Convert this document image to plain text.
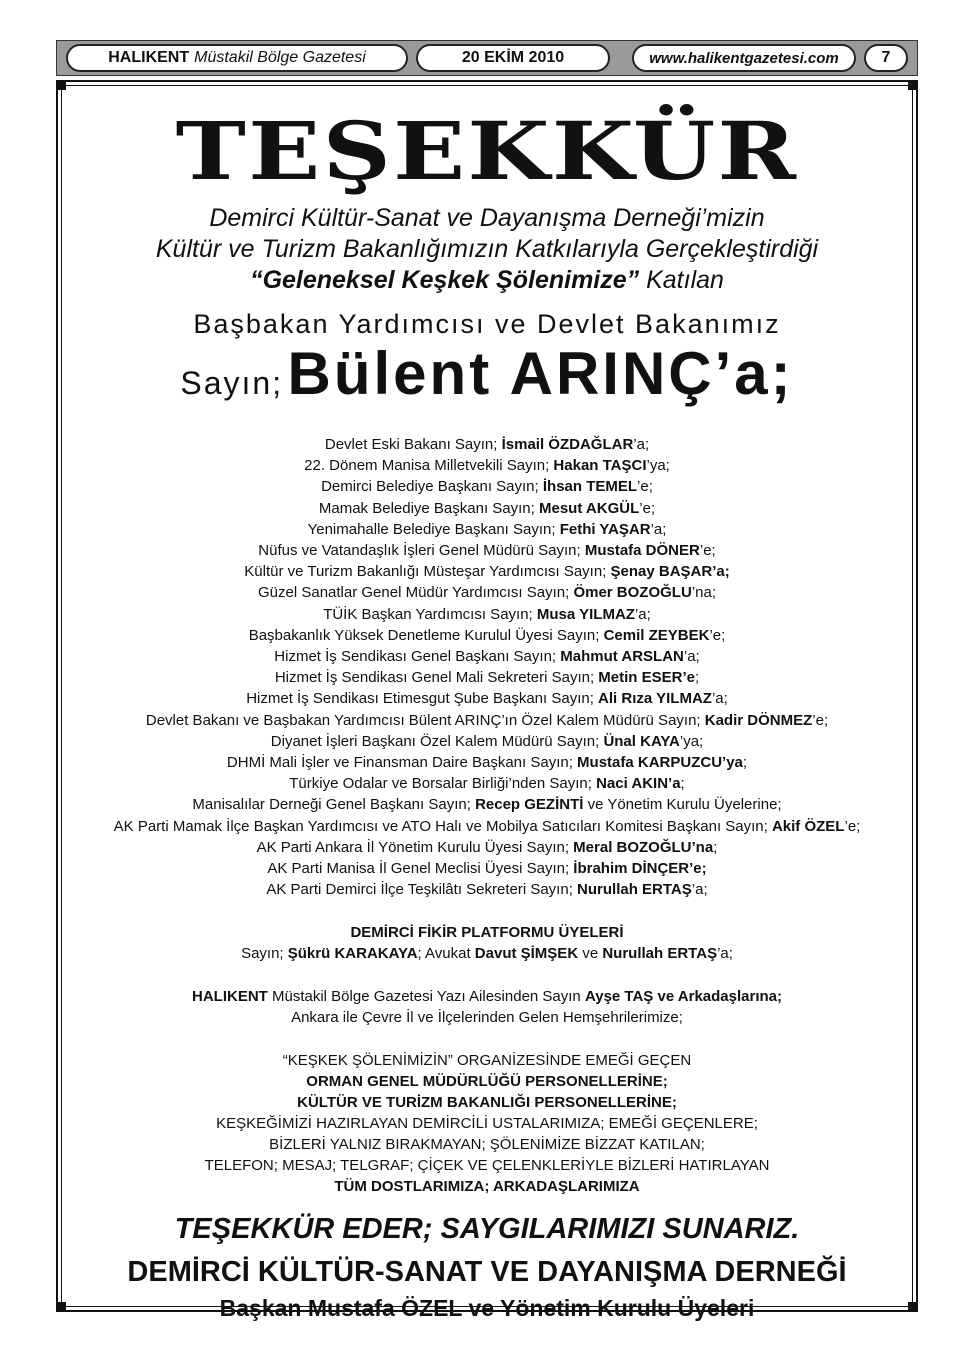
HALIKENT Müstakil Bölge Gazetesi	20 EKİM 2010	www.halikentgazetesi.com	7
TEŞEKKÜR
Demirci Kültür-Sanat ve Dayanışma Derneği’mizin
Kültür ve Turizm Bakanlığımızın Katkılarıyla Gerçekleştirdiği
“Geleneksel Keşkek Şölenimize” Katılan
Başbakan Yardımcısı ve Devlet Bakanımız
Sayın; Bülent ARINÇ’a;
Devlet Eski Bakanı Sayın; İsmail ÖZDAĞLAR’a;
22. Dönem Manisa Milletvekili Sayın; Hakan TAŞCI’ya;
Demirci Belediye Başkanı Sayın; İhsan TEMEL’e;
Mamak Belediye Başkanı Sayın; Mesut AKGÜL’e;
Yenimahalle Belediye Başkanı Sayın; Fethi YAŞAR’a;
Nüfus ve Vatandaşlık İşleri Genel Müdürü Sayın; Mustafa DÖNER’e;
Kültür ve Turizm Bakanlığı Müsteşar Yardımcısı Sayın; Şenay BAŞAR’a;
Güzel Sanatlar Genel Müdür Yardımcısı Sayın; Ömer BOZOĞLU’na;
TÜİK Başkan Yardımcısı Sayın; Musa YILMAZ’a;
Başbakanlık Yüksek Denetleme Kurulul Üyesi Sayın; Cemil ZEYBEK’e;
Hizmet İş Sendikası Genel Başkanı Sayın; Mahmut ARSLAN’a;
Hizmet İş Sendikası Genel Mali Sekreteri Sayın; Metin ESER’e;
Hizmet İş Sendikası Etimesgut Şube Başkanı Sayın; Ali Rıza YILMAZ’a;
Devlet Bakanı ve Başbakan Yardımcısı Bülent ARINÇ’ın Özel Kalem Müdürü Sayın; Kadir DÖNMEZ’e;
Diyanet İşleri Başkanı Özel Kalem Müdürü Sayın; Ünal KAYA’ya;
DHMİ Mali İşler ve Finansman Daire Başkanı Sayın; Mustafa KARPUZCU’ya;
Türkiye Odalar ve Borsalar Birliği’nden Sayın; Naci AKIN’a;
Manisalılar Derneği Genel Başkanı Sayın; Recep GEZİNTİ ve Yönetim Kurulu Üyelerine;
AK Parti Mamak İlçe Başkan Yardımcısı ve ATO Halı ve Mobilya Satıcıları Komitesi Başkanı Sayın; Akif ÖZEL’e;
AK Parti Ankara İl Yönetim Kurulu Üyesi Sayın; Meral BOZOĞLU’na;
AK Parti Manisa İl Genel Meclisi Üyesi Sayın; İbrahim DİNÇER’e;
AK Parti Demirci İlçe Teşkilâtı Sekreteri Sayın; Nurullah ERTAŞ’a;
DEMİRCİ FİKİR PLATFORMU ÜYELERİ
Sayın; Şükrü KARAKAYA; Avukat Davut ŞİMŞEK ve Nurullah ERTAŞ’a;
HALIKENT Müstakil Bölge Gazetesi Yazı Ailesinden Sayın Ayşe TAŞ ve Arkadaşlarına;
Ankara ile Çevre İl ve İlçelerinden Gelen Hemşehrilerimize;
“KEŞKEK ŞÖLENİMİZİN” ORGANİZESİNDE EMEĞİ GEÇEN
ORMAN GENEL MÜDÜRLÜĞÜ PERSONELLERİNE;
KÜLTÜR VE TURİZM BAKANLIĞI PERSONELLERİNE;
KEŞKEĞİMİZİ HAZIRLAYAN DEMİRCİLİ USTALARIMIZA; EMEĞİ GEÇENLERE;
BİZLERİ YALNIZ BIRAKMAYAN; ŞÖLENİMİZE BİZZAT KATILAN;
TELEFON; MESAJ; TELGRAF; ÇİÇEK VE ÇELENKLERİYLE BİZLERİ HATIRLAYAN
TÜM DOSTLARIMIZA; ARKADAŞLARIMIZA
TEŞEKKÜR EDER; SAYGILARIMIZI SUNARIZ.
DEMİRCİ KÜLTÜR-SANAT VE DAYANIŞMA DERNEĞİ
Başkan Mustafa ÖZEL ve Yönetim Kurulu Üyeleri
